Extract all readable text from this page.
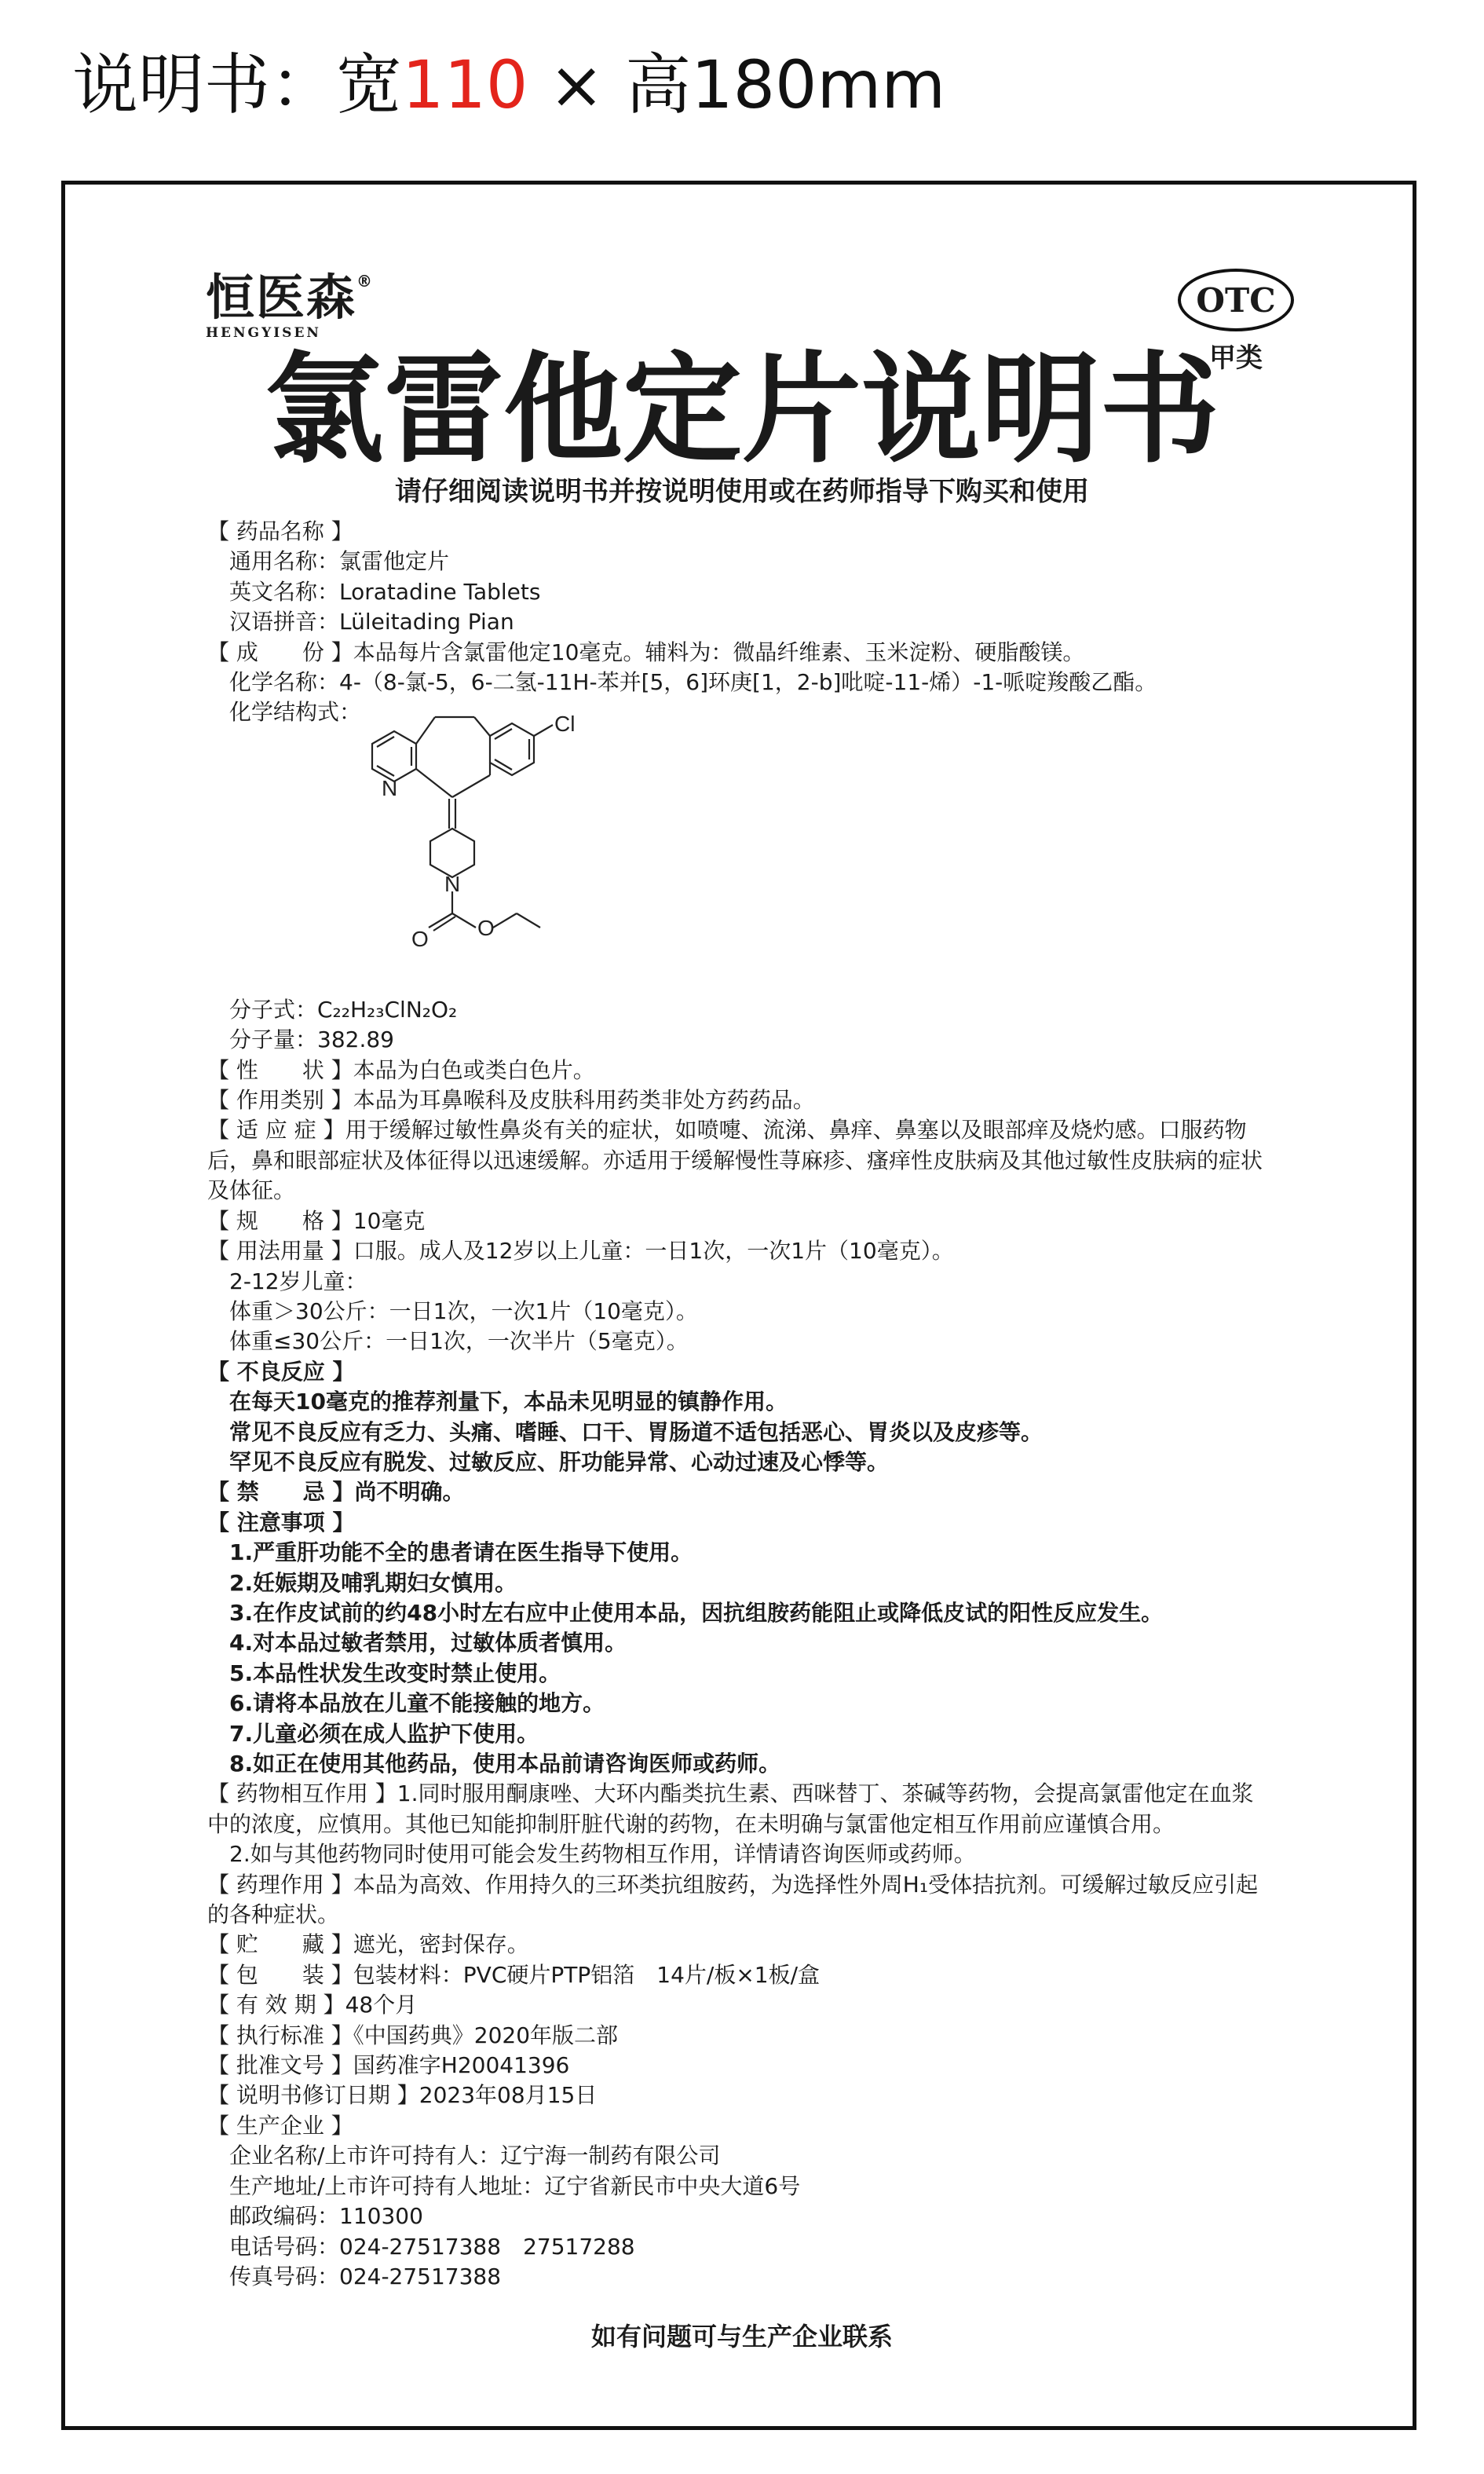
说明书：宽110 × 高180mm
恒医森®
HENGYISEN
OTC
甲类
氯雷他定片说明书
请仔细阅读说明书并按说明使用或在药师指导下购买和使用
【 药品名称 】
通用名称：氯雷他定片
英文名称：Loratadine Tablets
汉语拼音：Lüleitading Pian
【 成　　份 】本品每片含氯雷他定10毫克。辅料为：微晶纤维素、玉米淀粉、硬脂酸镁。
化学名称：4-（8-氯-5，6-二氢-11H-苯并[5，6]环庚[1，2-b]吡啶-11-烯）-1-哌啶羧酸乙酯。
化学结构式：
N
Cl
N
O O
分子式：C₂₂H₂₃ClN₂O₂
分子量：382.89
【 性　　状 】本品为白色或类白色片。
【 作用类别 】本品为耳鼻喉科及皮肤科用药类非处方药药品。
【 适 应 症 】用于缓解过敏性鼻炎有关的症状，如喷嚏、流涕、鼻痒、鼻塞以及眼部痒及烧灼感。口服药物后，鼻和眼部症状及体征得以迅速缓解。亦适用于缓解慢性荨麻疹、瘙痒性皮肤病及其他过敏性皮肤病的症状及体征。
【 规　　格 】10毫克
【 用法用量 】口服。成人及12岁以上儿童：一日1次，一次1片（10毫克）。
2-12岁儿童：
体重＞30公斤：一日1次，一次1片（10毫克）。
体重≤30公斤：一日1次，一次半片（5毫克）。
【 不良反应 】
在每天10毫克的推荐剂量下，本品未见明显的镇静作用。
常见不良反应有乏力、头痛、嗜睡、口干、胃肠道不适包括恶心、胃炎以及皮疹等。
罕见不良反应有脱发、过敏反应、肝功能异常、心动过速及心悸等。
【 禁　　忌 】尚不明确。
【 注意事项 】
1.严重肝功能不全的患者请在医生指导下使用。
2.妊娠期及哺乳期妇女慎用。
3.在作皮试前的约48小时左右应中止使用本品，因抗组胺药能阻止或降低皮试的阳性反应发生。
4.对本品过敏者禁用，过敏体质者慎用。
5.本品性状发生改变时禁止使用。
6.请将本品放在儿童不能接触的地方。
7.儿童必须在成人监护下使用。
8.如正在使用其他药品，使用本品前请咨询医师或药师。
【 药物相互作用 】1.同时服用酮康唑、大环内酯类抗生素、西咪替丁、茶碱等药物，会提高氯雷他定在血浆中的浓度，应慎用。其他已知能抑制肝脏代谢的药物，在未明确与氯雷他定相互作用前应谨慎合用。
2.如与其他药物同时使用可能会发生药物相互作用，详情请咨询医师或药师。
【 药理作用 】本品为高效、作用持久的三环类抗组胺药，为选择性外周H₁受体拮抗剂。可缓解过敏反应引起的各种症状。
【 贮　　藏 】遮光，密封保存。
【 包　　装 】包装材料：PVC硬片PTP铝箔　14片/板×1板/盒
【 有 效 期 】48个月
【 执行标准 】《中国药典》2020年版二部
【 批准文号 】国药准字H20041396
【 说明书修订日期 】2023年08月15日
【 生产企业 】
企业名称/上市许可持有人：辽宁海一制药有限公司
生产地址/上市许可持有人地址：辽宁省新民市中央大道6号
邮政编码：110300
电话号码：024-27517388　27517288
传真号码：024-27517388
如有问题可与生产企业联系
